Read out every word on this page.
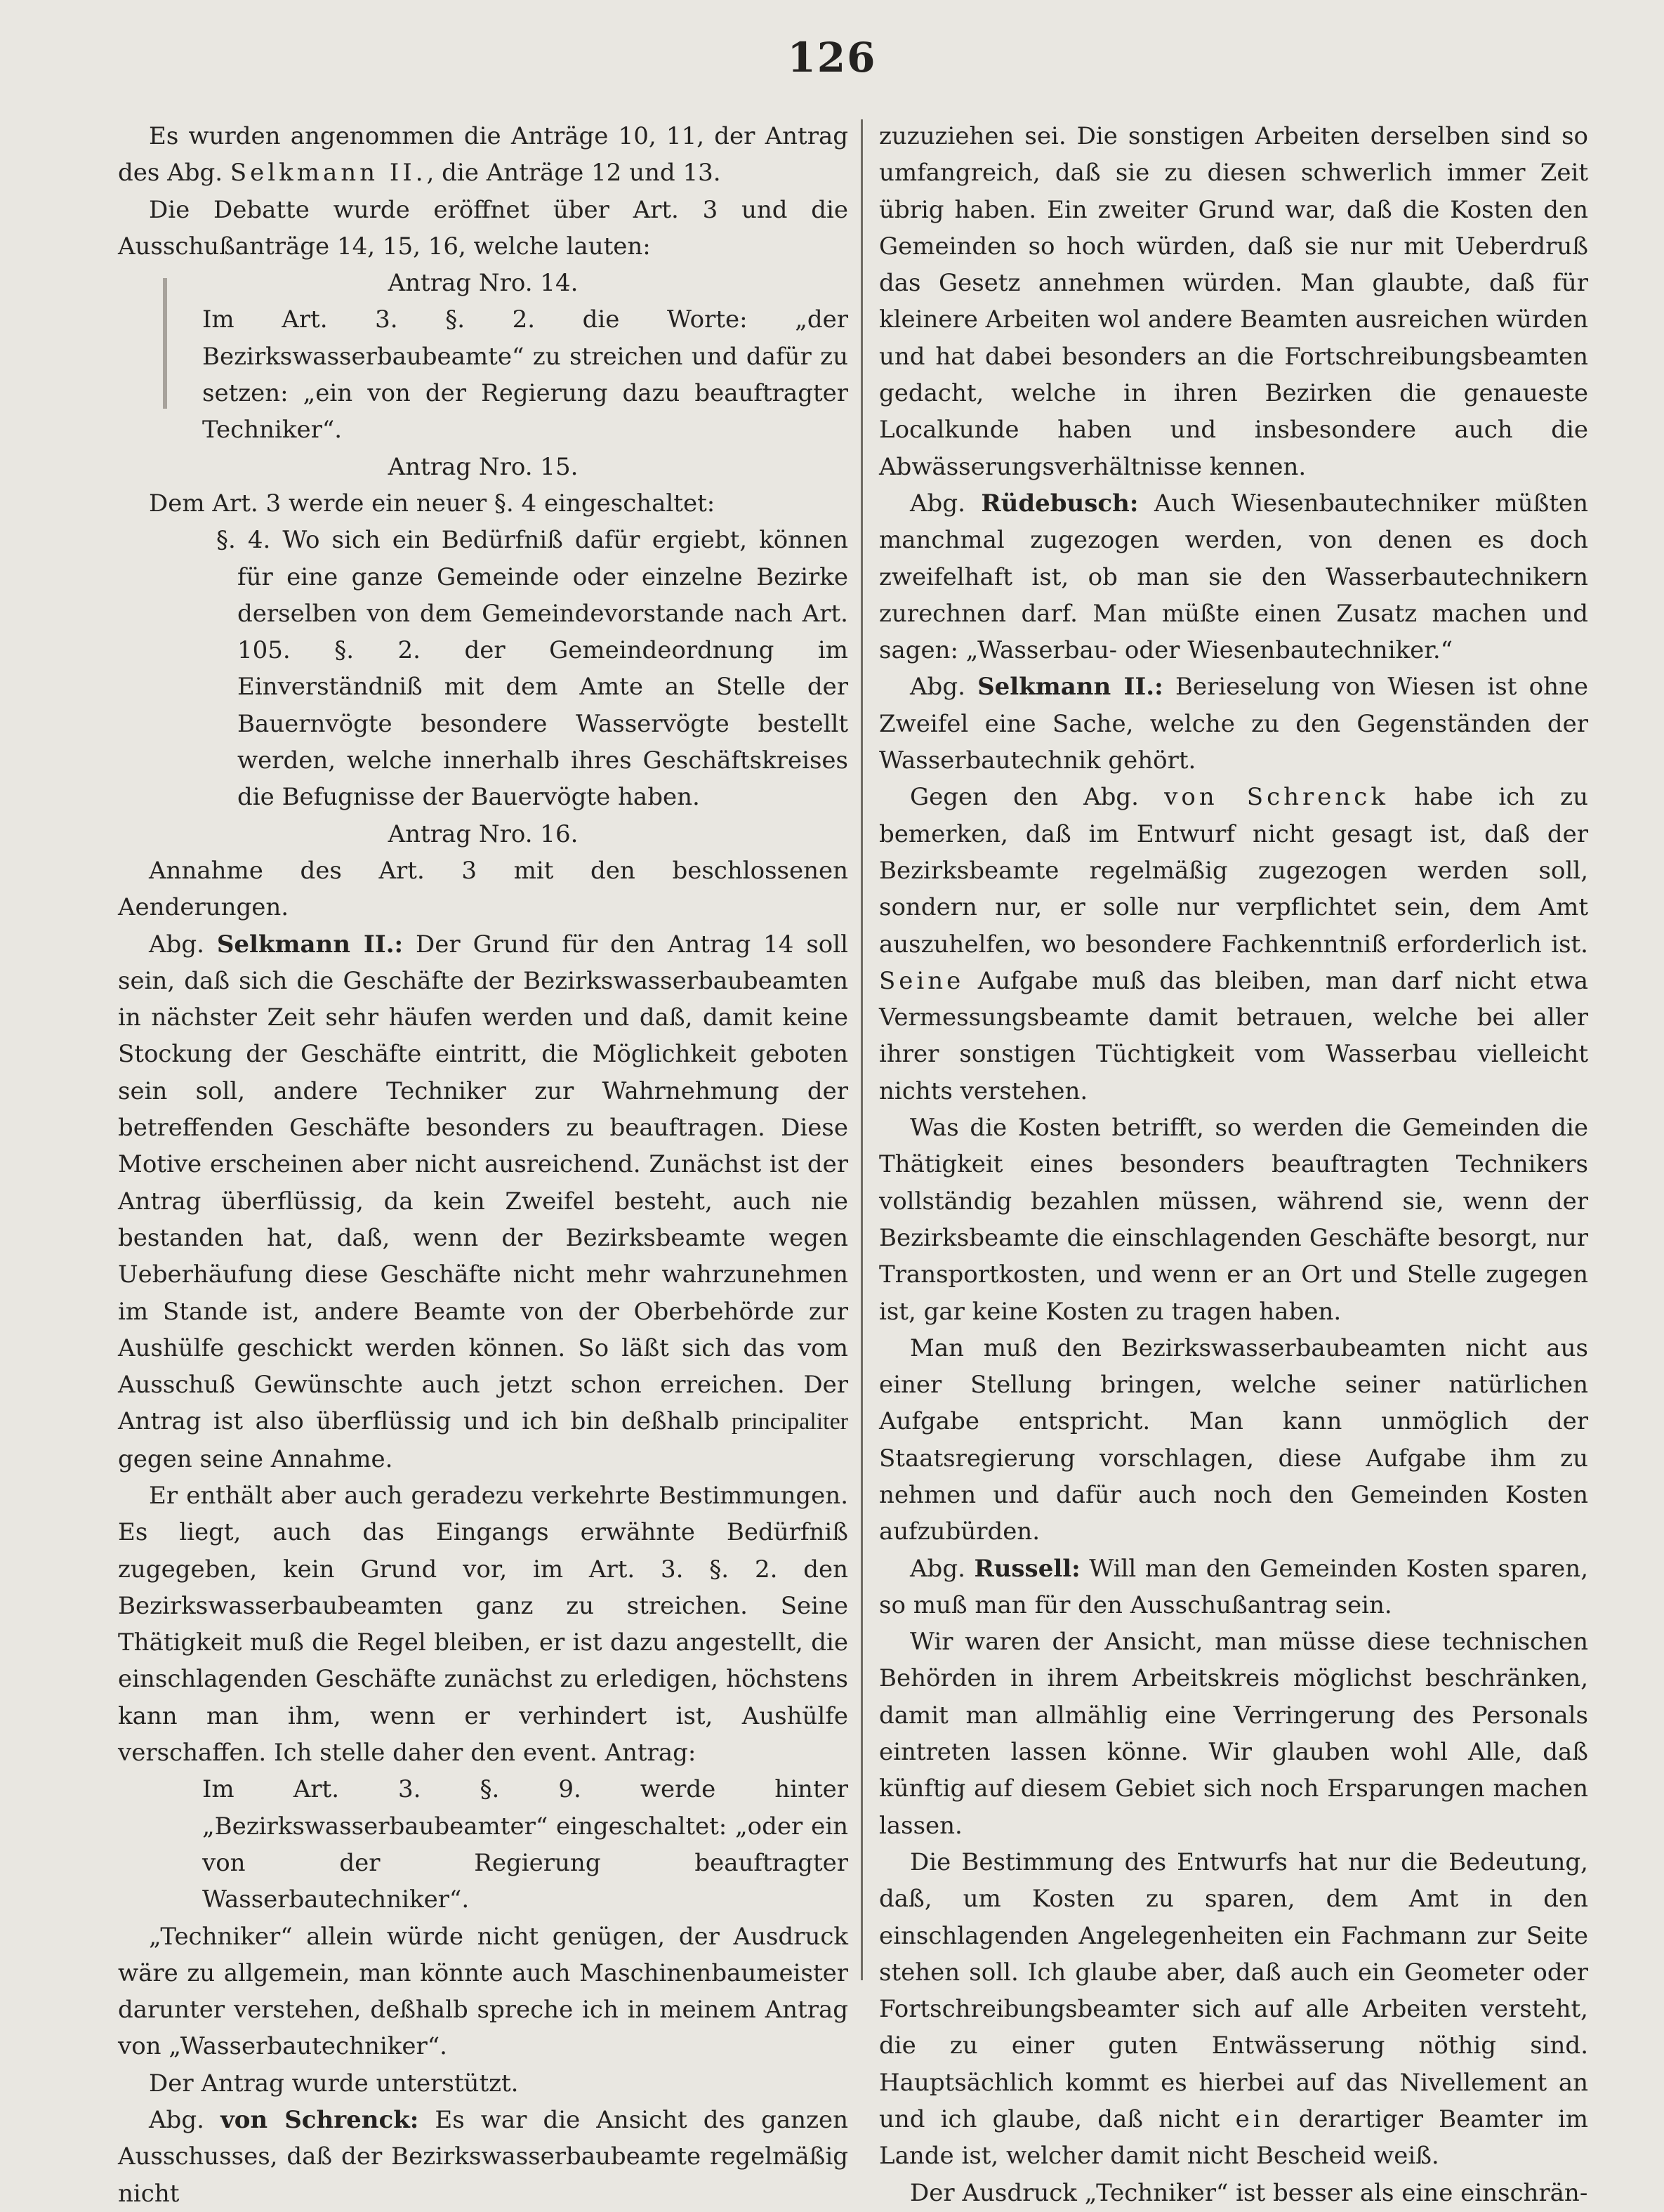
126

Es wurden angenommen die Anträge 10, 11, der Antrag des Abg. Selkmann II., die Anträge 12 und 13.

Die Debatte wurde eröffnet über Art. 3 und die Ausschußanträge 14, 15, 16, welche lauten:

Antrag Nro. 14.

Im Art. 3. §. 2. die Worte: „der Bezirkswasserbaubeamte“ zu streichen und dafür zu setzen: „ein von der Regierung dazu beauftragter Techniker“.

Antrag Nro. 15.

Dem Art. 3 werde ein neuer §. 4 eingeschaltet:

§. 4. Wo sich ein Bedürfniß dafür ergiebt, können für eine ganze Gemeinde oder einzelne Bezirke derselben von dem Gemeindevorstande nach Art. 105. §. 2. der Gemeindeordnung im Einverständniß mit dem Amte an Stelle der Bauernvögte besondere Wasservögte bestellt werden, welche innerhalb ihres Geschäftskreises die Befugnisse der Bauervögte haben.

Antrag Nro. 16.

Annahme des Art. 3 mit den beschlossenen Aenderungen.

Abg. Selkmann II.: Der Grund für den Antrag 14 soll sein, daß sich die Geschäfte der Bezirkswasserbaubeamten in nächster Zeit sehr häufen werden und daß, damit keine Stockung der Geschäfte eintritt, die Möglichkeit geboten sein soll, andere Techniker zur Wahrnehmung der betreffenden Geschäfte besonders zu beauftragen. Diese Motive erscheinen aber nicht ausreichend. Zunächst ist der Antrag überflüssig, da kein Zweifel besteht, auch nie bestanden hat, daß, wenn der Bezirksbeamte wegen Ueberhäufung diese Geschäfte nicht mehr wahrzunehmen im Stande ist, andere Beamte von der Oberbehörde zur Aushülfe geschickt werden können. So läßt sich das vom Ausschuß Gewünschte auch jetzt schon erreichen. Der Antrag ist also überflüssig und ich bin deßhalb principaliter gegen seine Annahme.

Er enthält aber auch geradezu verkehrte Bestimmungen. Es liegt, auch das Eingangs erwähnte Bedürfniß zugegeben, kein Grund vor, im Art. 3. §. 2. den Bezirkswasserbaubeamten ganz zu streichen. Seine Thätigkeit muß die Regel bleiben, er ist dazu angestellt, die einschlagenden Geschäfte zunächst zu erledigen, höchstens kann man ihm, wenn er verhindert ist, Aushülfe verschaffen. Ich stelle daher den event. Antrag:

Im Art. 3. §. 9. werde hinter „Bezirkswasserbaubeamter“ eingeschaltet: „oder ein von der Regierung beauftragter Wasserbautechniker“.

„Techniker“ allein würde nicht genügen, der Ausdruck wäre zu allgemein, man könnte auch Maschinenbaumeister darunter verstehen, deßhalb spreche ich in meinem Antrag von „Wasserbautechniker“.

Der Antrag wurde unterstützt.

Abg. von Schrenck: Es war die Ansicht des ganzen Ausschusses, daß der Bezirkswasserbaubeamte regelmäßig nicht

zuzuziehen sei. Die sonstigen Arbeiten derselben sind so umfangreich, daß sie zu diesen schwerlich immer Zeit übrig haben. Ein zweiter Grund war, daß die Kosten den Gemeinden so hoch würden, daß sie nur mit Ueberdruß das Gesetz annehmen würden. Man glaubte, daß für kleinere Arbeiten wol andere Beamten ausreichen würden und hat dabei besonders an die Fortschreibungsbeamten gedacht, welche in ihren Bezirken die genaueste Localkunde haben und insbesondere auch die Abwässerungsverhältnisse kennen.

Abg. Rüdebusch: Auch Wiesenbautechniker müßten manchmal zugezogen werden, von denen es doch zweifelhaft ist, ob man sie den Wasserbautechnikern zurechnen darf. Man müßte einen Zusatz machen und sagen: „Wasserbau- oder Wiesenbautechniker.“

Abg. Selkmann II.: Berieselung von Wiesen ist ohne Zweifel eine Sache, welche zu den Gegenständen der Wasserbautechnik gehört.

Gegen den Abg. von Schrenck habe ich zu bemerken, daß im Entwurf nicht gesagt ist, daß der Bezirksbeamte regelmäßig zugezogen werden soll, sondern nur, er solle nur verpflichtet sein, dem Amt auszuhelfen, wo besondere Fachkenntniß erforderlich ist. Seine Aufgabe muß das bleiben, man darf nicht etwa Vermessungsbeamte damit betrauen, welche bei aller ihrer sonstigen Tüchtigkeit vom Wasserbau vielleicht nichts verstehen.

Was die Kosten betrifft, so werden die Gemeinden die Thätigkeit eines besonders beauftragten Technikers vollständig bezahlen müssen, während sie, wenn der Bezirksbeamte die einschlagenden Geschäfte besorgt, nur Transportkosten, und wenn er an Ort und Stelle zugegen ist, gar keine Kosten zu tragen haben.

Man muß den Bezirkswasserbaubeamten nicht aus einer Stellung bringen, welche seiner natürlichen Aufgabe entspricht. Man kann unmöglich der Staatsregierung vorschlagen, diese Aufgabe ihm zu nehmen und dafür auch noch den Gemeinden Kosten aufzubürden.

Abg. Russell: Will man den Gemeinden Kosten sparen, so muß man für den Ausschußantrag sein.

Wir waren der Ansicht, man müsse diese technischen Behörden in ihrem Arbeitskreis möglichst beschränken, damit man allmählig eine Verringerung des Personals eintreten lassen könne. Wir glauben wohl Alle, daß künftig auf diesem Gebiet sich noch Ersparungen machen lassen.

Die Bestimmung des Entwurfs hat nur die Bedeutung, daß, um Kosten zu sparen, dem Amt in den einschlagenden Angelegenheiten ein Fachmann zur Seite stehen soll. Ich glaube aber, daß auch ein Geometer oder Fortschreibungsbeamter sich auf alle Arbeiten versteht, die zu einer guten Entwässerung nöthig sind. Hauptsächlich kommt es hierbei auf das Nivellement an und ich glaube, daß nicht ein derartiger Beamter im Lande ist, welcher damit nicht Bescheid weiß.

Der Ausdruck „Techniker“ ist besser als eine einschrän-
